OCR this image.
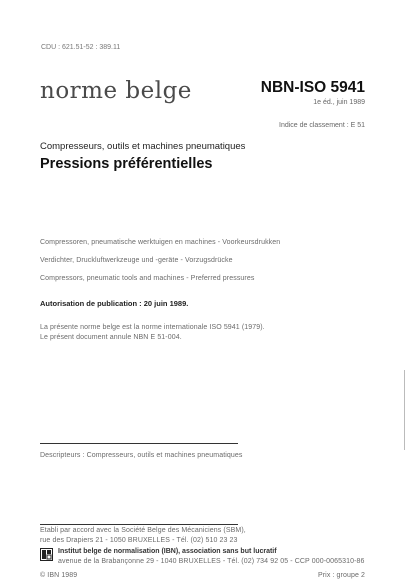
CDU : 621.51-52 : 389.11
norme belge	NBN-ISO 5941
1e éd., juin 1989
Indice de classement : E 51
Compresseurs, outils et machines pneumatiques
Pressions préférentielles
Compressoren, pneumatische werktuigen en machines - Voorkeursdrukken
Verdichter, Druckluftwerkzeuge und -geräte - Vorzugsdrücke
Compressors, pneumatic tools and machines - Preferred pressures
Autorisation de publication : 20 juin 1989.
La présente norme belge est la norme internationale ISO 5941 (1979).
Le présent document annule NBN E 51-004.
Descripteurs : Compresseurs, outils et machines pneumatiques
Etabli par accord avec la Société Belge des Mécaniciens (SBM),
rue des Drapiers 21 - 1050 BRUXELLES - Tél. (02) 510 23 23
Institut belge de normalisation (IBN), association sans but lucratif
avenue de la Brabançonne 29 - 1040 BRUXELLES - Tél. (02) 734 92 05 - CCP 000-0065310-86
© IBN 1989	Prix : groupe 2
